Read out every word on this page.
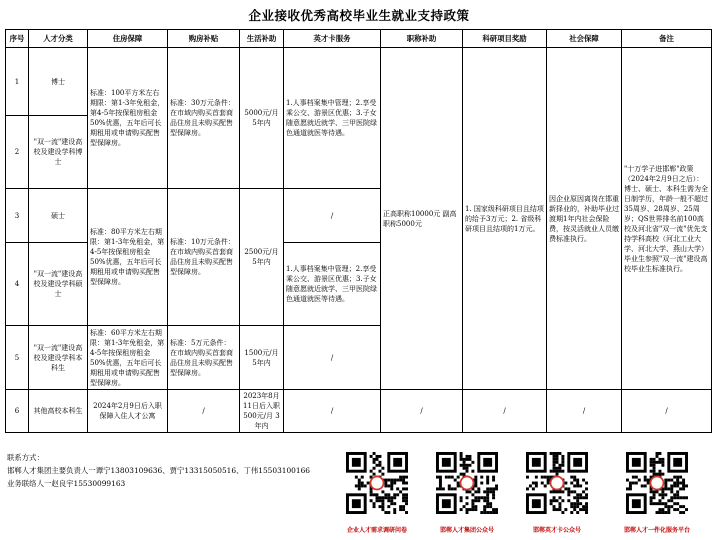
企业接收优秀高校毕业生就业支持政策
序号	人才分类	住房保障	购房补贴	生活补助	英才卡服务	职称补助	科研项目奖励	社会保障	备注
1	博士	标准：100平方米左右期限：第1-3年免租金，第4-5年按保租房租金50%优惠，五年后可长期租用或申请购买配售型保障房。	标准：30万元条件：在市域内购买首套商品住房且未购买配售型保障房。	5000元/月 5年内	1.人事档案集中管理；2.享受乘公交、游景区优惠；3.子女随意愿就近就学、三甲医院绿色通道就医等待遇。	正高职称10000元 副高职称5000元	1. 国家级科研项目且结项的给予3万元；2. 省级科研项目且结项的1万元。	因企业原因离岗在邯重新择业的，补助毕业过渡期1年内社会保险费，按灵活就业人员缴费标准执行。	"十万学子进邯郸"政策（2024年2月9日之后）：博士、硕士、本科生需为全日制学历，年龄一般不超过35周岁、28周岁、25周岁；QS世界排名前100高校及河北省"双一流"优先支持学科高校（河北工业大学、河北大学、燕山大学）毕业生参照"双一流"建设高校毕业生标准执行。
2	"双一流"建设高校及建设学科博士								
3	硕士	标准：80平方米左右期限：第1-3年免租金，第4-5年按保租房租金50%优惠，五年后可长期租用或申请购买配售型保障房。	标准：10万元条件：在市域内购买首套商品住房且未购买配售型保障房。	2500元/月 5年内	/				
4	"双一流"建设高校及建设学科硕士				1.人事档案集中管理；2.享受乘公交、游景区优惠；3.子女随意愿就近就学、三甲医院绿色通道就医等待遇。				
5	"双一流"建设高校及建设学科本科生	标准：60平方米左右期限：第1-3年免租金，第4-5年按保租房租金50%优惠，五年后可长期租用或申请购买配售型保障房。	标准：5万元条件：在市域内购买首套商品住房且未购买配售型保障房。	1500元/月 5年内	/				
6	其他高校本科生	2024年2月9日后入职保障入住人才公寓	/	2023年8月11日后入职 500元/月 3年内	/	/	/	/	/
联系方式：
邯郸人才集团主要负责人一谭宁13803109636、贾宁13315050516、丁伟15503100166
业务联络人一赵良宇15530099163
企业人才需求调研问卷	邯郸人才集团公众号	邯郸英才卡公众号	邯郸人才一件化服务平台
